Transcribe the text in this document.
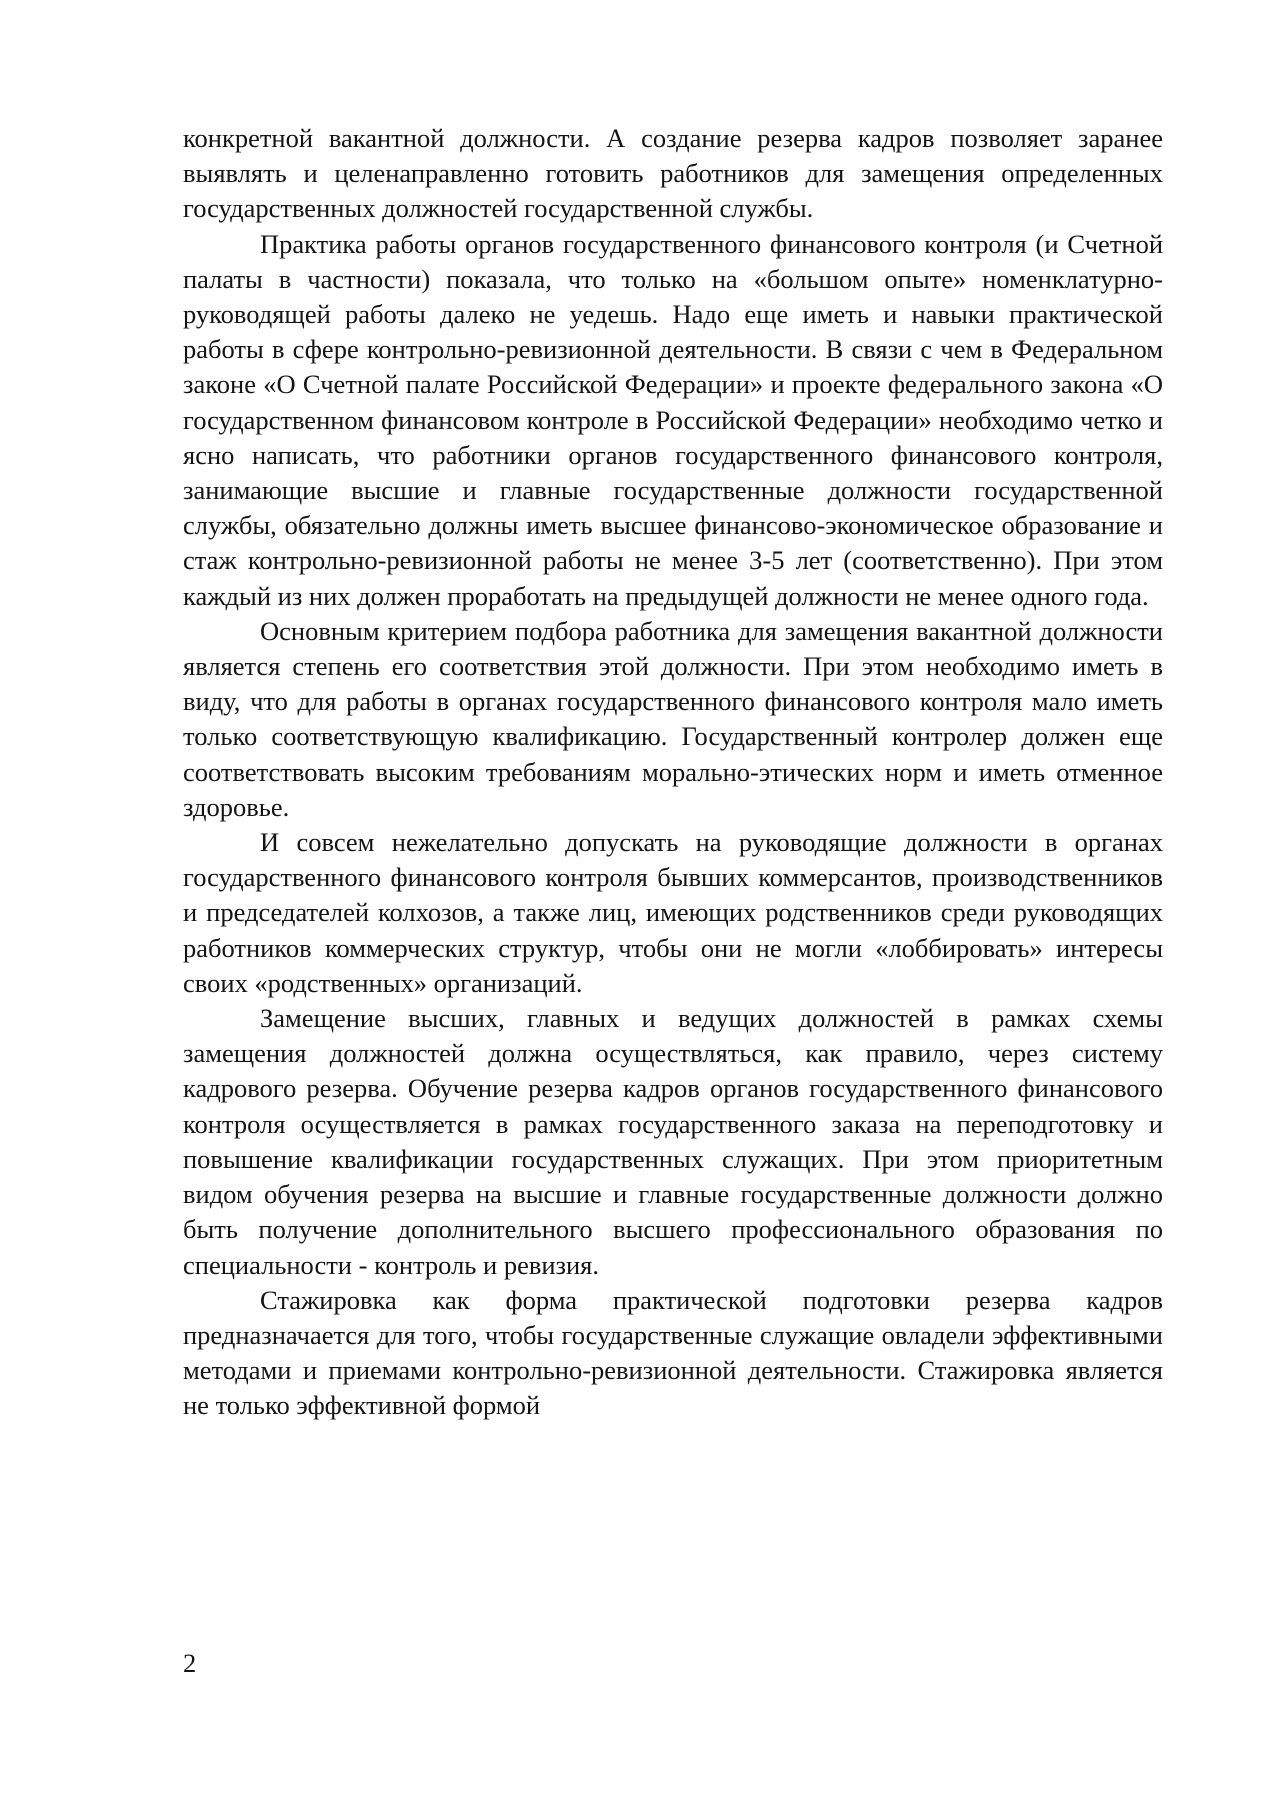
конкретной вакантной должности. А создание резерва кадров позволяет заранее выявлять и целенаправленно готовить работников для замещения определенных государственных должностей государственной службы.

Практика работы органов государственного финансового контроля (и Счетной палаты в частности) показала, что только на «большом опыте» номенклатурно-руководящей работы далеко не уедешь. Надо еще иметь и навыки практической работы в сфере контрольно-ревизионной деятельности. В связи с чем в Федеральном законе «О Счетной палате Российской Федерации» и проекте федерального закона «О государственном финансовом контроле в Российской Федерации» необходимо четко и ясно написать, что работники органов государственного финансового контроля, занимающие высшие и главные государственные должности государственной службы, обязательно должны иметь высшее финансово-экономическое образование и стаж контрольно-ревизионной работы не менее 3-5 лет (соответственно). При этом каждый из них должен проработать на предыдущей должности не менее одного года.

Основным критерием подбора работника для замещения вакантной должности является степень его соответствия этой должности. При этом необходимо иметь в виду, что для работы в органах государственного финансового контроля мало иметь только соответствующую квалификацию. Государственный контролер должен еще соответствовать высоким требованиям морально-этических норм и иметь отменное здоровье.

И совсем нежелательно допускать на руководящие должности в органах государственного финансового контроля бывших коммерсантов, производственников и председателей колхозов, а также лиц, имеющих родственников среди руководящих работников коммерческих структур, чтобы они не могли «лоббировать» интересы своих «родственных» организаций.

Замещение высших, главных и ведущих должностей в рамках схемы замещения должностей должна осуществляться, как правило, через систему кадрового резерва. Обучение резерва кадров органов государственного финансового контроля осуществляется в рамках государственного заказа на переподготовку и повышение квалификации государственных служащих. При этом приоритетным видом обучения резерва на высшие и главные государственные должности должно быть получение дополнительного высшего профессионального образования по специальности - контроль и ревизия.

Стажировка как форма практической подготовки резерва кадров предназначается для того, чтобы государственные служащие овладели эффективными методами и приемами контрольно-ревизионной деятельности. Стажировка является не только эффективной формой

2
